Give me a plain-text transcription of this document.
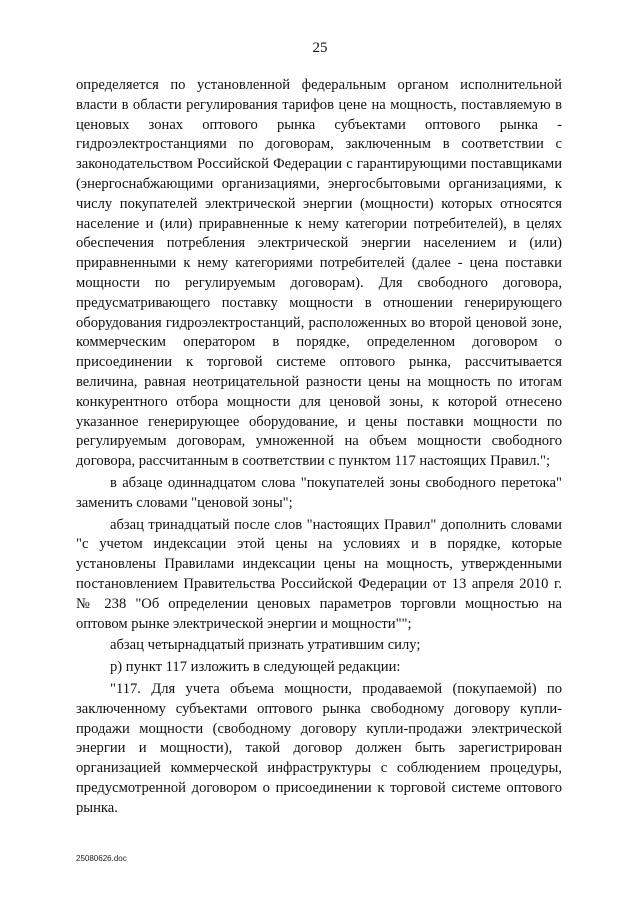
25

определяется по установленной федеральным органом исполнительной власти в области регулирования тарифов цене на мощность, поставляемую в ценовых зонах оптового рынка субъектами оптового рынка - гидроэлектростанциями по договорам, заключенным в соответствии с законодательством Российской Федерации с гарантирующими поставщиками (энергоснабжающими организациями, энергосбытовыми организациями, к числу покупателей электрической энергии (мощности) которых относятся население и (или) приравненные к нему категории потребителей), в целях обеспечения потребления электрической энергии населением и (или) приравненными к нему категориями потребителей (далее - цена поставки мощности по регулируемым договорам). Для свободного договора, предусматривающего поставку мощности в отношении генерирующего оборудования гидроэлектростанций, расположенных во второй ценовой зоне, коммерческим оператором в порядке, определенном договором о присоединении к торговой системе оптового рынка, рассчитывается величина, равная неотрицательной разности цены на мощность по итогам конкурентного отбора мощности для ценовой зоны, к которой отнесено указанное генерирующее оборудование, и цены поставки мощности по регулируемым договорам, умноженной на объем мощности свободного договора, рассчитанным в соответствии с пунктом 117 настоящих Правил.";

в абзаце одиннадцатом слова "покупателей зоны свободного перетока" заменить словами "ценовой зоны";

абзац тринадцатый после слов "настоящих Правил" дополнить словами "с учетом индексации этой цены на условиях и в порядке, которые установлены Правилами индексации цены на мощность, утвержденными постановлением Правительства Российской Федерации от 13 апреля 2010 г. № 238 "Об определении ценовых параметров торговли мощностью на оптовом рынке электрической энергии и мощности"";

абзац четырнадцатый признать утратившим силу;

р) пункт 117 изложить в следующей редакции:

"117. Для учета объема мощности, продаваемой (покупаемой) по заключенному субъектами оптового рынка свободному договору купли-продажи мощности (свободному договору купли-продажи электрической энергии и мощности), такой договор должен быть зарегистрирован организацией коммерческой инфраструктуры с соблюдением процедуры, предусмотренной договором о присоединении к торговой системе оптового рынка.

25080626.doc
